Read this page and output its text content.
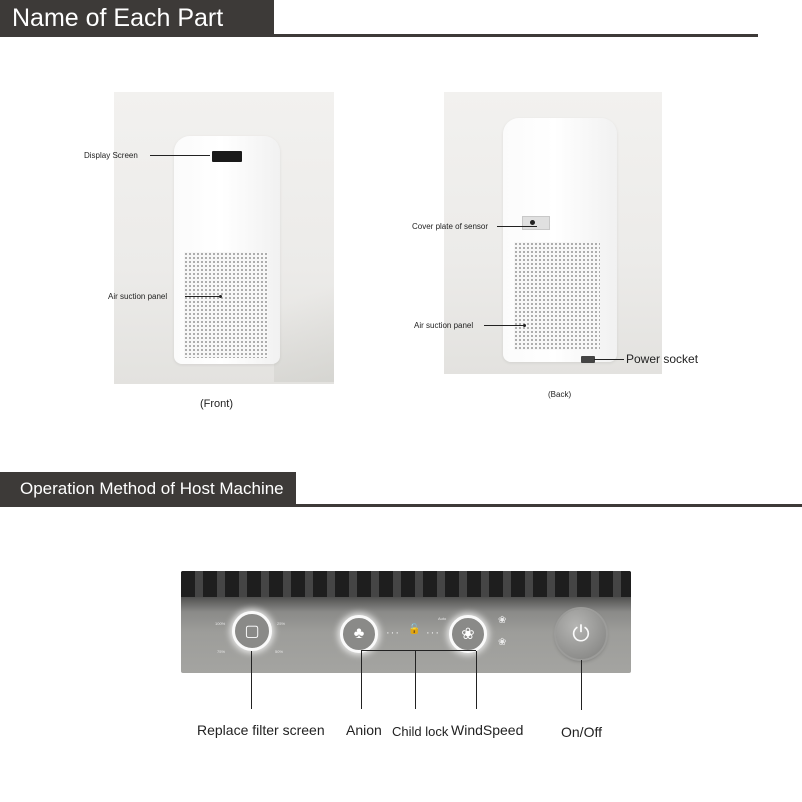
Name of Each Part
Display Screen
Air suction panel
(Front)
Cover plate of sensor
Air suction panel
Power socket
(Back)
Operation Method of Host Machine
▢
100%	25%
75%	50%
♣ ··· 🔓 ···
Auto
❀
❀
❀	⏻
Replace filter screen Anion Child lock WindSpeed	On/Off
